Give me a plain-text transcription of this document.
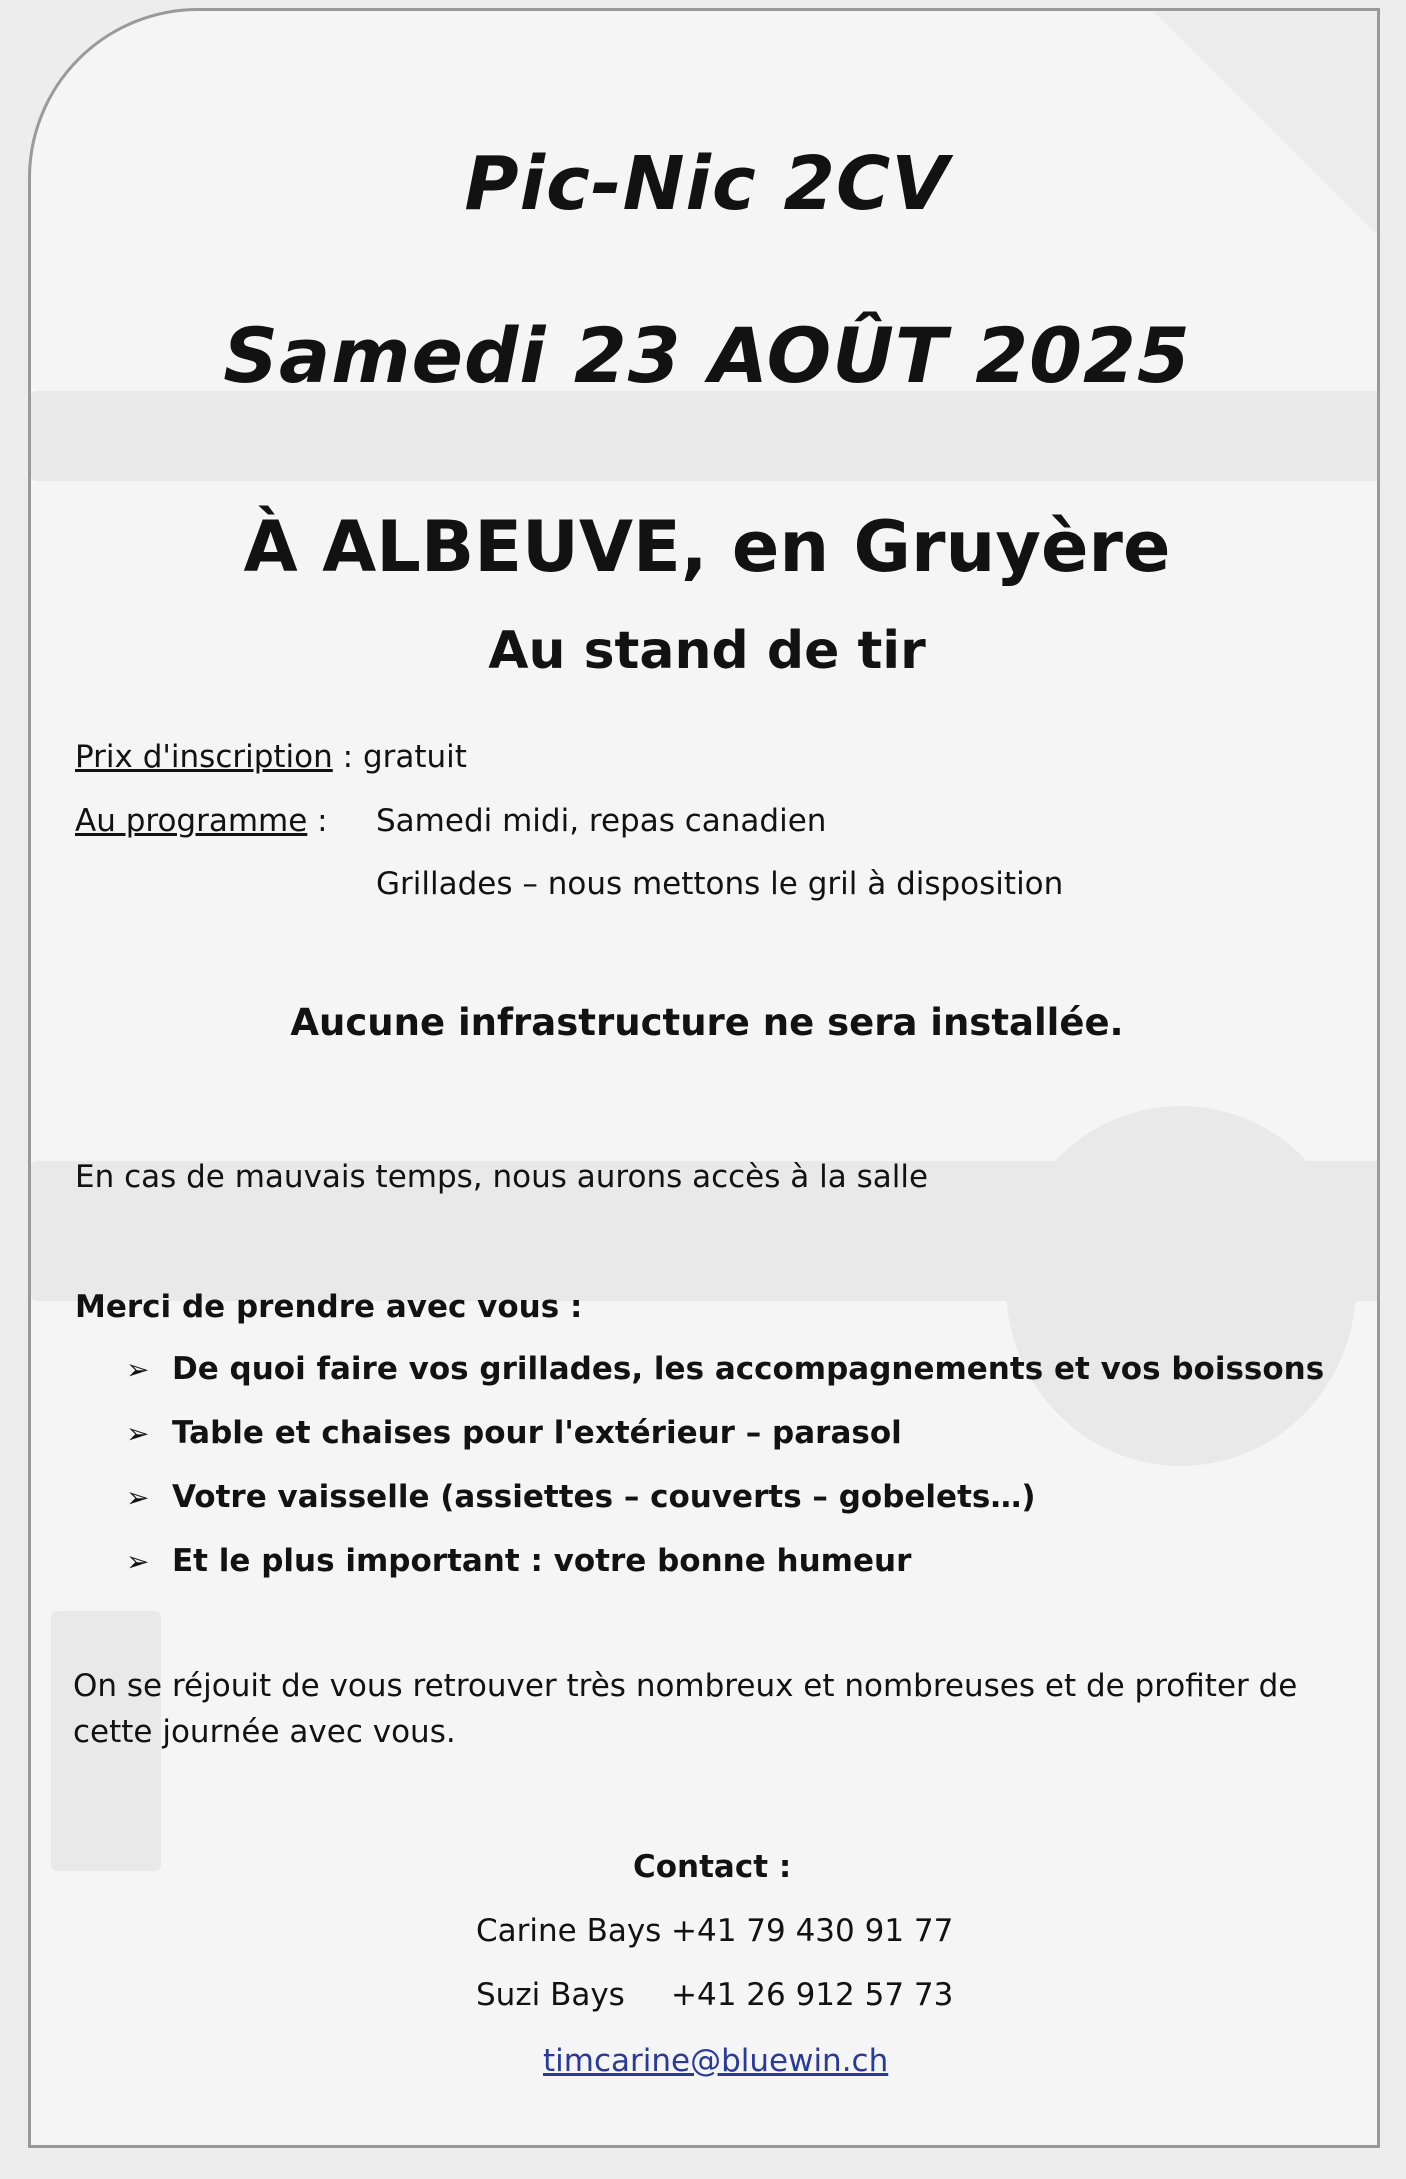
Pic-Nic 2CV
Samedi 23 AOÛT 2025
À ALBEUVE, en Gruyère
Au stand de tir
Prix d'inscription : gratuit
Au programme : Samedi midi, repas canadien
Grillades – nous mettons le gril à disposition
Aucune infrastructure ne sera installée.
En cas de mauvais temps, nous aurons accès à la salle
Merci de prendre avec vous :
➢ De quoi faire vos grillades, les accompagnements et vos boissons
➢ Table et chaises pour l'extérieur – parasol
➢ Votre vaisselle (assiettes – couverts – gobelets…)
➢ Et le plus important : votre bonne humeur
On se réjouit de vous retrouver très nombreux et nombreuses et de profiter de cette journée avec vous.
Contact :
Carine Bays +41 79 430 91 77
Suzi Bays +41 26 912 57 73
timcarine@bluewin.ch
